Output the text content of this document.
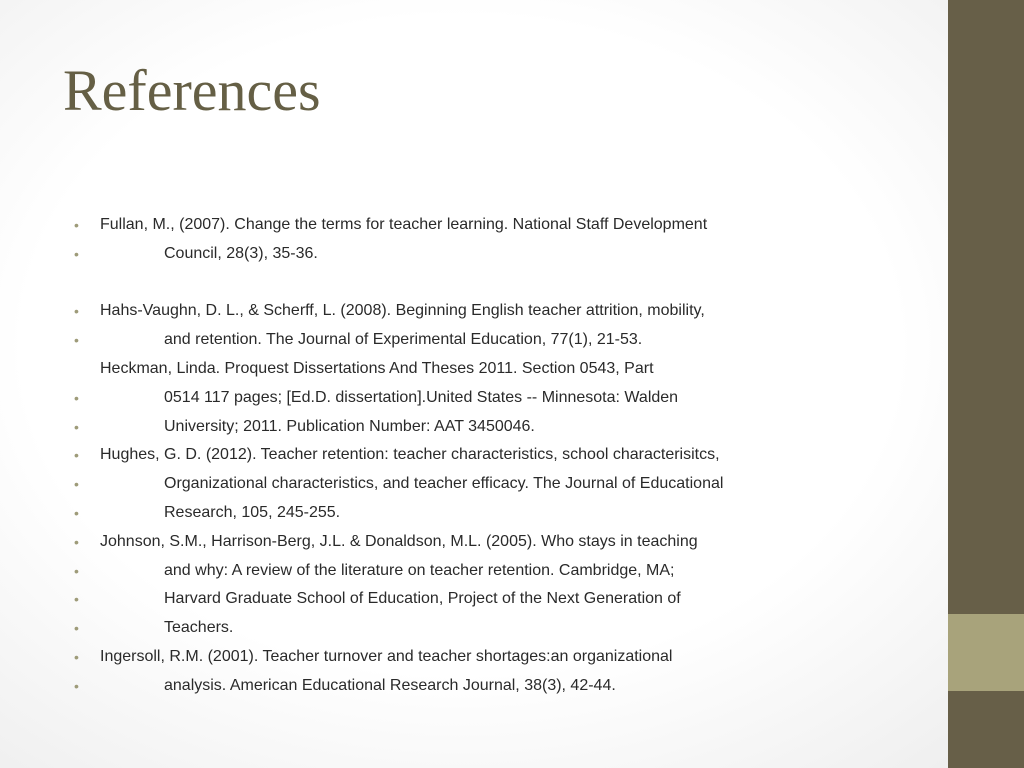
References
• Fullan, M., (2007). Change the terms for teacher learning. National Staff Development
•	Council, 28(3), 35-36.
• Hahs-Vaughn, D. L., & Scherff, L. (2008). Beginning English teacher attrition, mobility,
•	and retention. The Journal of Experimental Education, 77(1), 21-53.
Heckman, Linda. Proquest Dissertations And Theses 2011. Section 0543, Part
•	0514 117 pages; [Ed.D. dissertation].United States -- Minnesota: Walden
•	University; 2011. Publication Number: AAT 3450046.
• Hughes, G. D. (2012). Teacher retention: teacher characteristics, school characterisitcs,
•	Organizational characteristics, and teacher efficacy. The Journal of Educational
•	Research, 105, 245-255.
• Johnson, S.M., Harrison-Berg, J.L. & Donaldson, M.L. (2005). Who stays in teaching
•	and why: A review of the literature on teacher retention. Cambridge, MA;
•	Harvard Graduate School of Education, Project of the Next Generation of
•	Teachers.
• Ingersoll, R.M. (2001). Teacher turnover and teacher shortages:an organizational
•	analysis. American Educational Research Journal, 38(3), 42-44.
